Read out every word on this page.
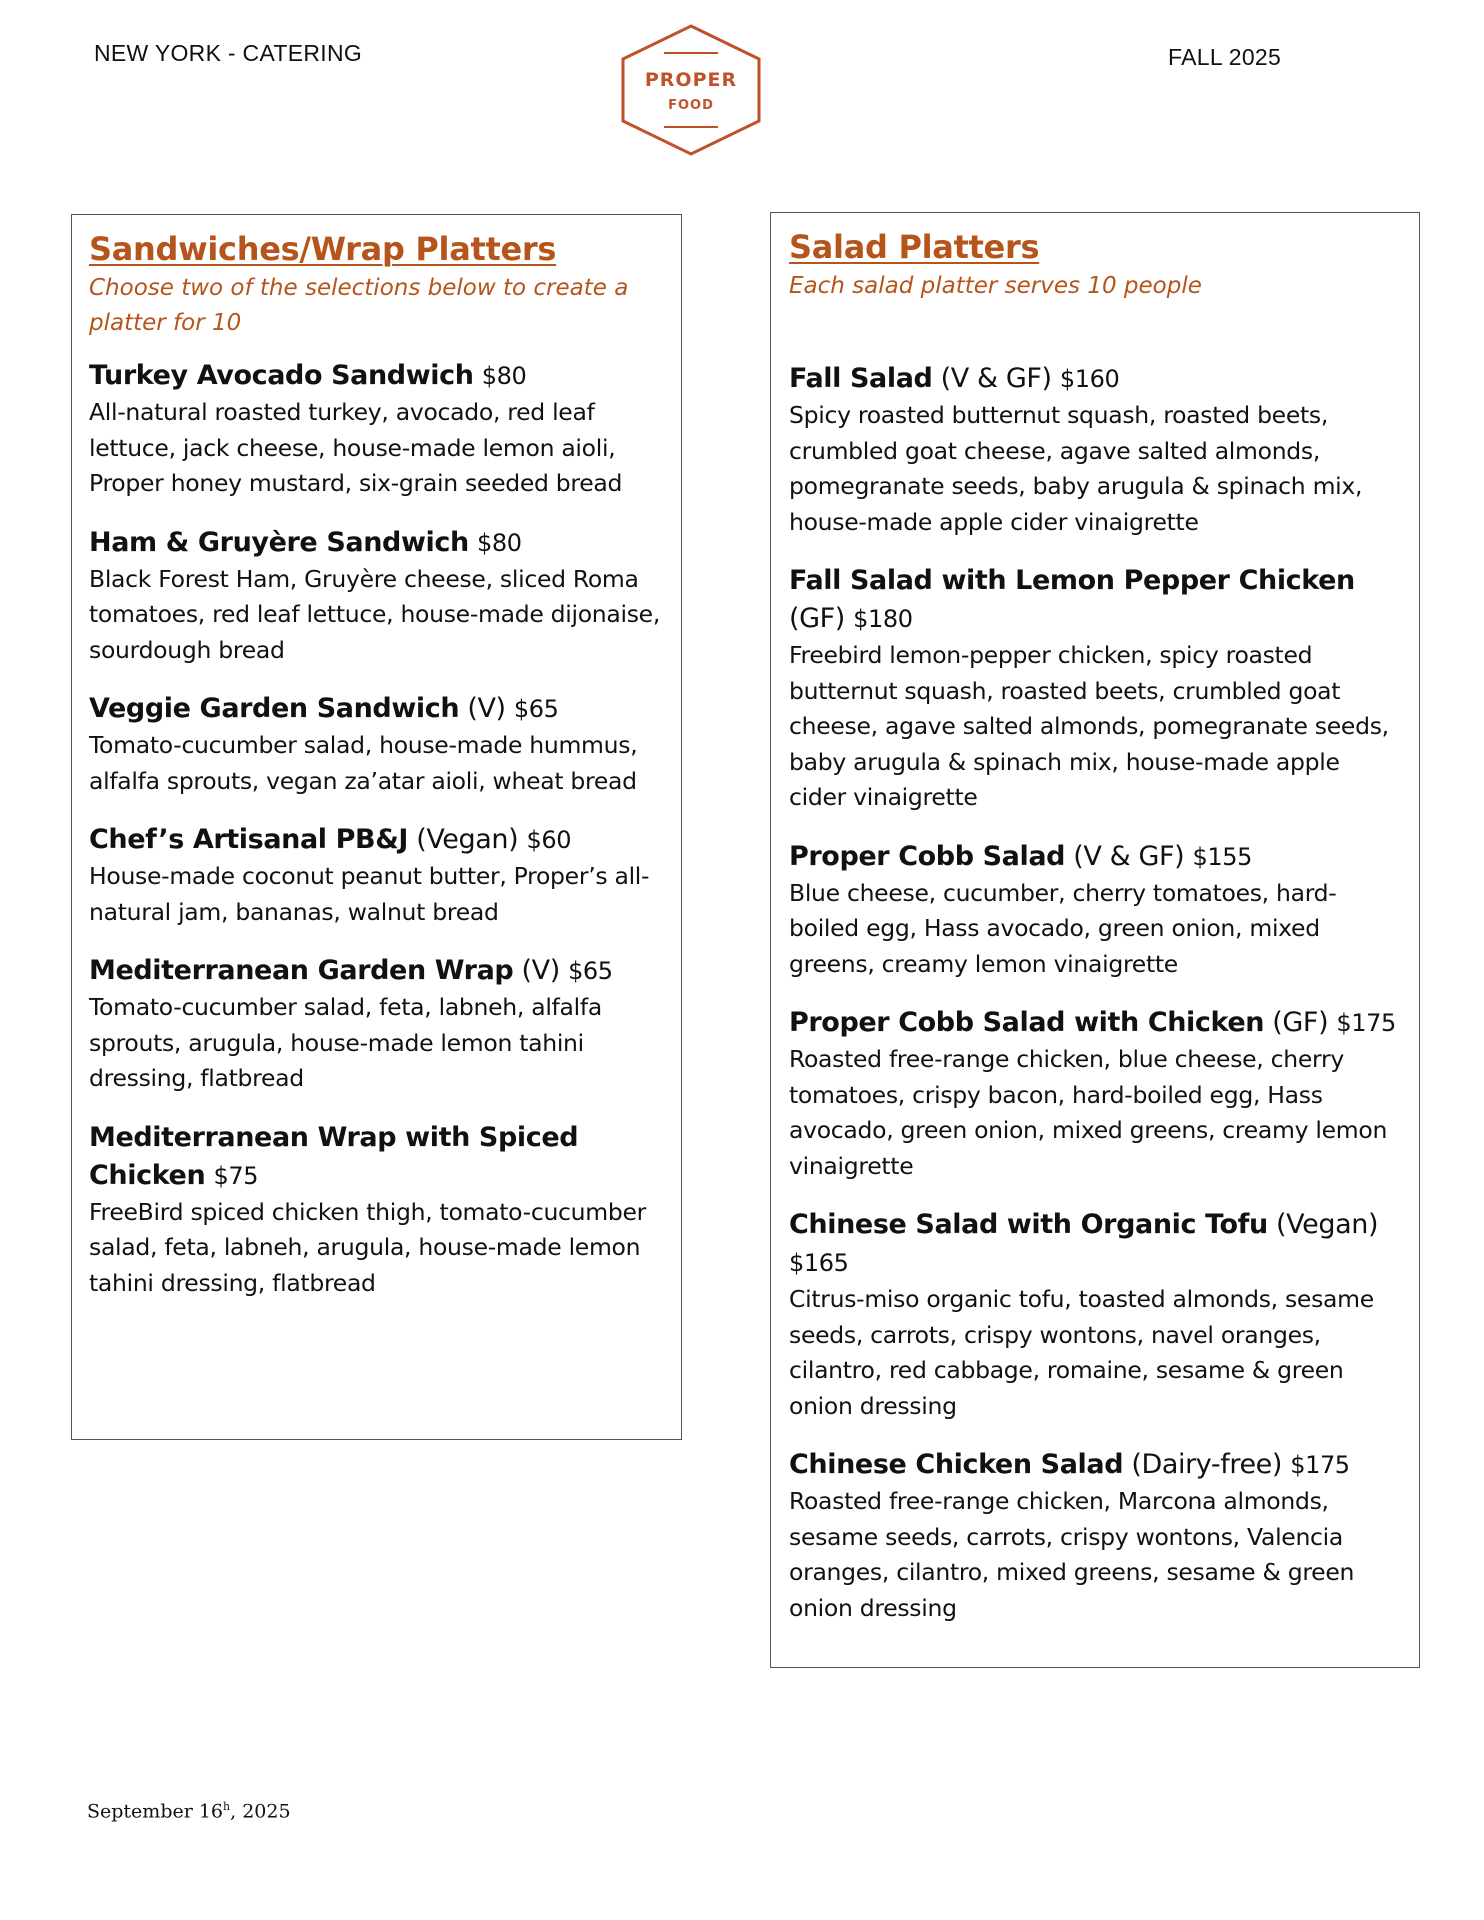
NEW YORK - CATERING
PROPER
FOOD
FALL 2025
Sandwiches/Wrap Platters

Choose two of the selections below to create a platter for 10

Turkey Avocado Sandwich $80
All-natural roasted turkey, avocado, red leaf lettuce, jack cheese, house-made lemon aioli, Proper honey mustard, six-grain seeded bread
Ham & Gruyère Sandwich $80
Black Forest Ham, Gruyère cheese, sliced Roma tomatoes, red leaf lettuce, house-made dijonaise, sourdough bread
Veggie Garden Sandwich (V) $65
Tomato-cucumber salad, house-made hummus, alfalfa sprouts, vegan za’atar aioli, wheat bread
Chef’s Artisanal PB&J (Vegan) $60
House-made coconut peanut butter, Proper’s all-natural jam, bananas, walnut bread
Mediterranean Garden Wrap (V) $65
Tomato-cucumber salad, feta, labneh, alfalfa sprouts, arugula, house-made lemon tahini dressing, flatbread
Mediterranean Wrap with Spiced Chicken $75
FreeBird spiced chicken thigh, tomato-cucumber salad, feta, labneh, arugula, house-made lemon tahini dressing, flatbread
Salad Platters

Each salad platter serves 10 people

Fall Salad (V & GF) $160
Spicy roasted butternut squash, roasted beets, crumbled goat cheese, agave salted almonds, pomegranate seeds, baby arugula & spinach mix, house-made apple cider vinaigrette
Fall Salad with Lemon Pepper Chicken (GF) $180
Freebird lemon-pepper chicken, spicy roasted butternut squash, roasted beets, crumbled goat cheese, agave salted almonds, pomegranate seeds, baby arugula & spinach mix, house-made apple cider vinaigrette
Proper Cobb Salad (V & GF) $155
Blue cheese, cucumber, cherry tomatoes, hard-boiled egg, Hass avocado, green onion, mixed greens, creamy lemon vinaigrette
Proper Cobb Salad with Chicken (GF) $175
Roasted free-range chicken, blue cheese, cherry tomatoes, crispy bacon, hard-boiled egg, Hass avocado, green onion, mixed greens, creamy lemon vinaigrette
Chinese Salad with Organic Tofu (Vegan) $165
Citrus-miso organic tofu, toasted almonds, sesame seeds, carrots, crispy wontons, navel oranges, cilantro, red cabbage, romaine, sesame & green onion dressing
Chinese Chicken Salad (Dairy-free) $175
Roasted free-range chicken, Marcona almonds, sesame seeds, carrots, crispy wontons, Valencia oranges, cilantro, mixed greens, sesame & green onion dressing
September 16$^h$, 2025
